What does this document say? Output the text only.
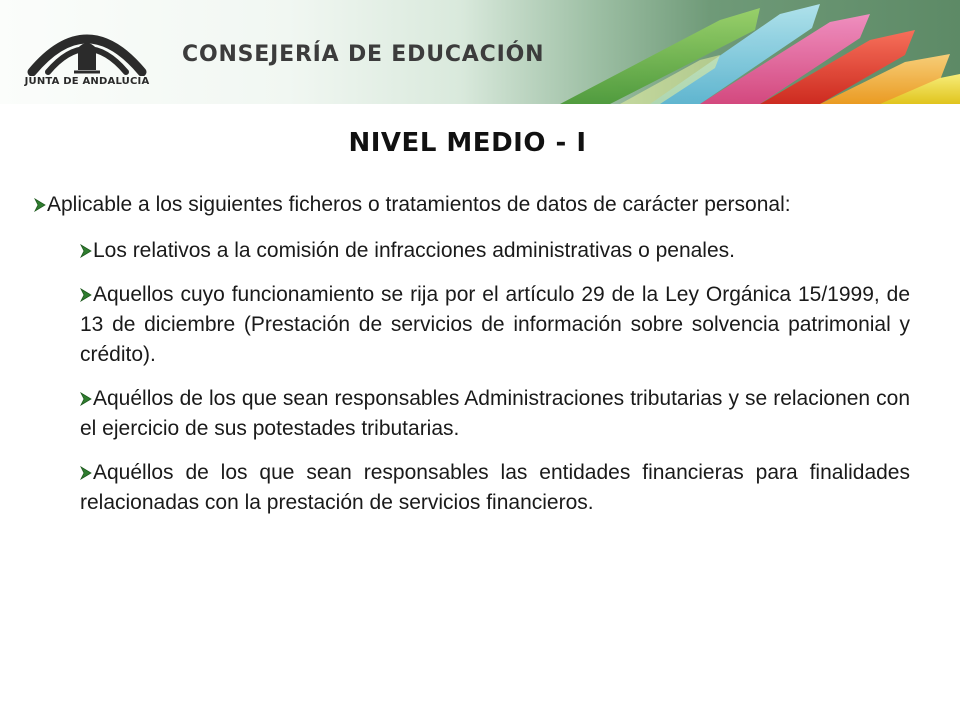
JUNTA DE ANDALUCIA
CONSEJERÍA DE EDUCACIÓN
NIVEL MEDIO - I

Aplicable a los siguientes ficheros o tratamientos de datos de carácter personal:

Los relativos a la comisión de infracciones administrativas o penales.

Aquellos cuyo funcionamiento se rija por el artículo 29 de la Ley Orgánica 15/1999, de 13 de diciembre (Prestación de servicios de información sobre solvencia patrimonial y crédito).

Aquéllos de los que sean responsables Administraciones tributarias y se relacionen con el ejercicio de sus potestades tributarias.

Aquéllos de los que sean responsables las entidades financieras para finalidades relacionadas con la prestación de servicios financieros.
